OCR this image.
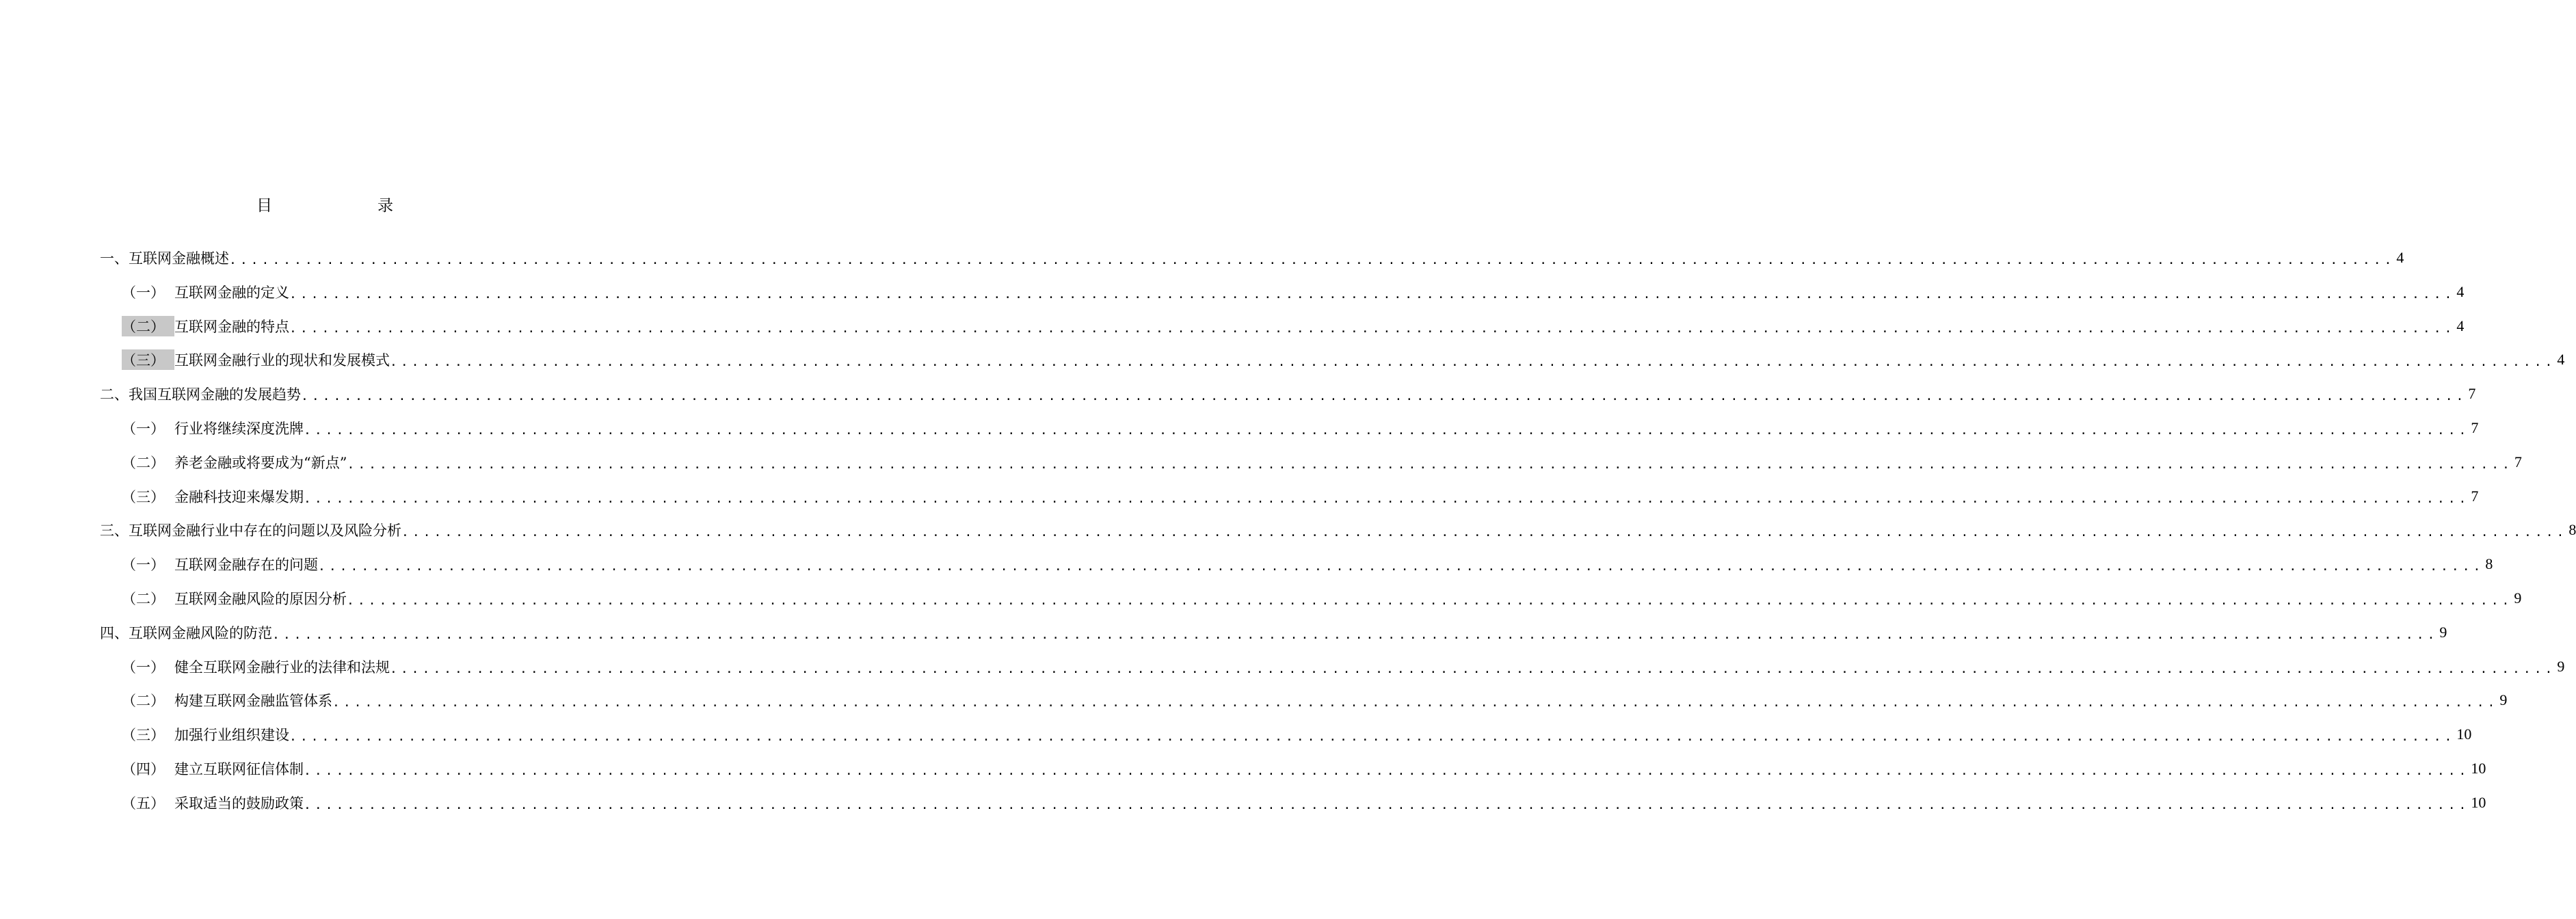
目	录
一、 互联网金融概述 ........................................................................................................................................................................................................ 4
（一） 互联网金融的定义 ........................................................................................................................................................................................................ 4
（二） 互联网金融的特点 ........................................................................................................................................................................................................ 4
（三） 互联网金融行业的现状和发展模式 ........................................................................................................................................................................................................ 4
二、 我国互联网金融的发展趋势 ........................................................................................................................................................................................................ 7
（一） 行业将继续深度洗牌 ........................................................................................................................................................................................................ 7
（二） 养老金融或将要成为“新点” ........................................................................................................................................................................................................ 7
（三） 金融科技迎来爆发期 ........................................................................................................................................................................................................ 7
三、 互联网金融行业中存在的问题以及风险分析 ........................................................................................................................................................................................................ 8
（一） 互联网金融存在的问题 ........................................................................................................................................................................................................ 8
（二） 互联网金融风险的原因分析 ........................................................................................................................................................................................................ 9
四、 互联网金融风险的防范 ........................................................................................................................................................................................................ 9
（一） 健全互联网金融行业的法律和法规 ........................................................................................................................................................................................................ 9
（二） 构建互联网金融监管体系 ........................................................................................................................................................................................................ 9
（三） 加强行业组织建设 ........................................................................................................................................................................................................ 10
（四） 建立互联网征信体制 ........................................................................................................................................................................................................ 10
（五） 采取适当的鼓励政策 ........................................................................................................................................................................................................ 10
